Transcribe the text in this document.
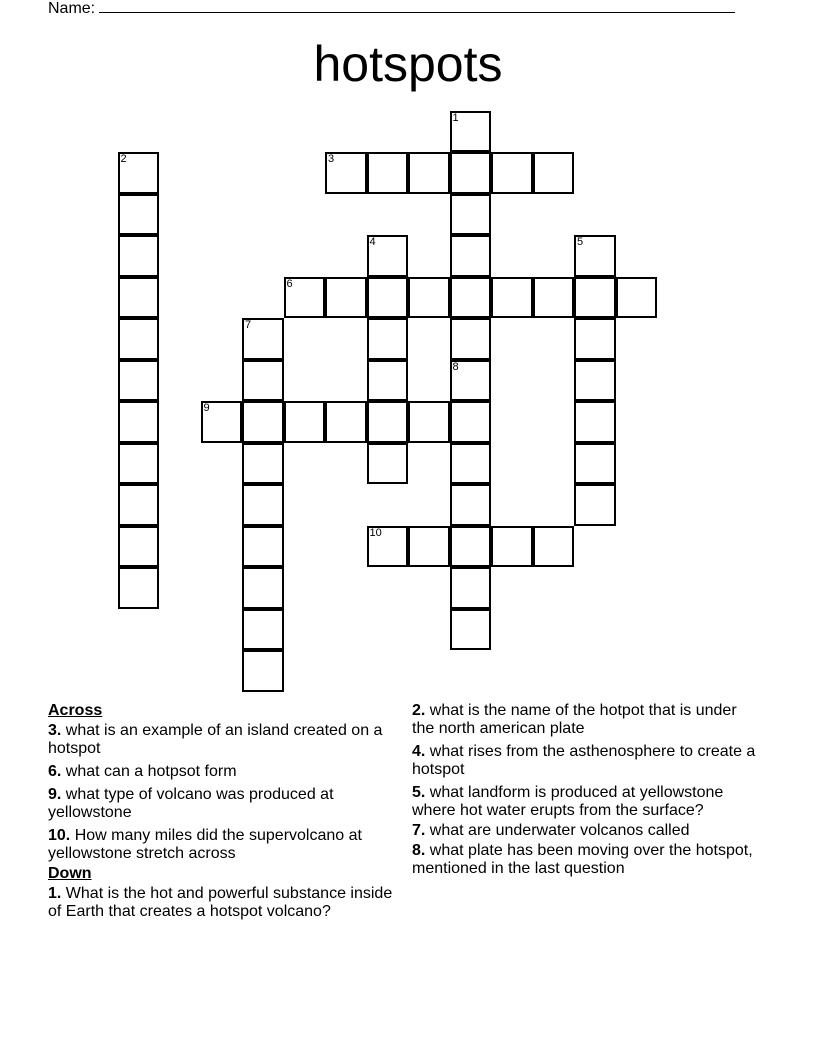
Name:
hotspots
1
8
2	3
4	5
6
7
9
10
Across
3. what is an example of an island created on a hotspot
6. what can a hotpsot form
9. what type of volcano was produced at yellowstone
10. How many miles did the supervolcano at yellowstone stretch across
Down
1. What is the hot and powerful substance inside of Earth that creates a hotspot volcano?
2. what is the name of the hotpot that is under the north american plate
4. what rises from the asthenosphere to create a hotspot
5. what landform is produced at yellowstone where hot water erupts from the surface?
7. what are underwater volcanos called
8. what plate has been moving over the hotspot, mentioned in the last question
